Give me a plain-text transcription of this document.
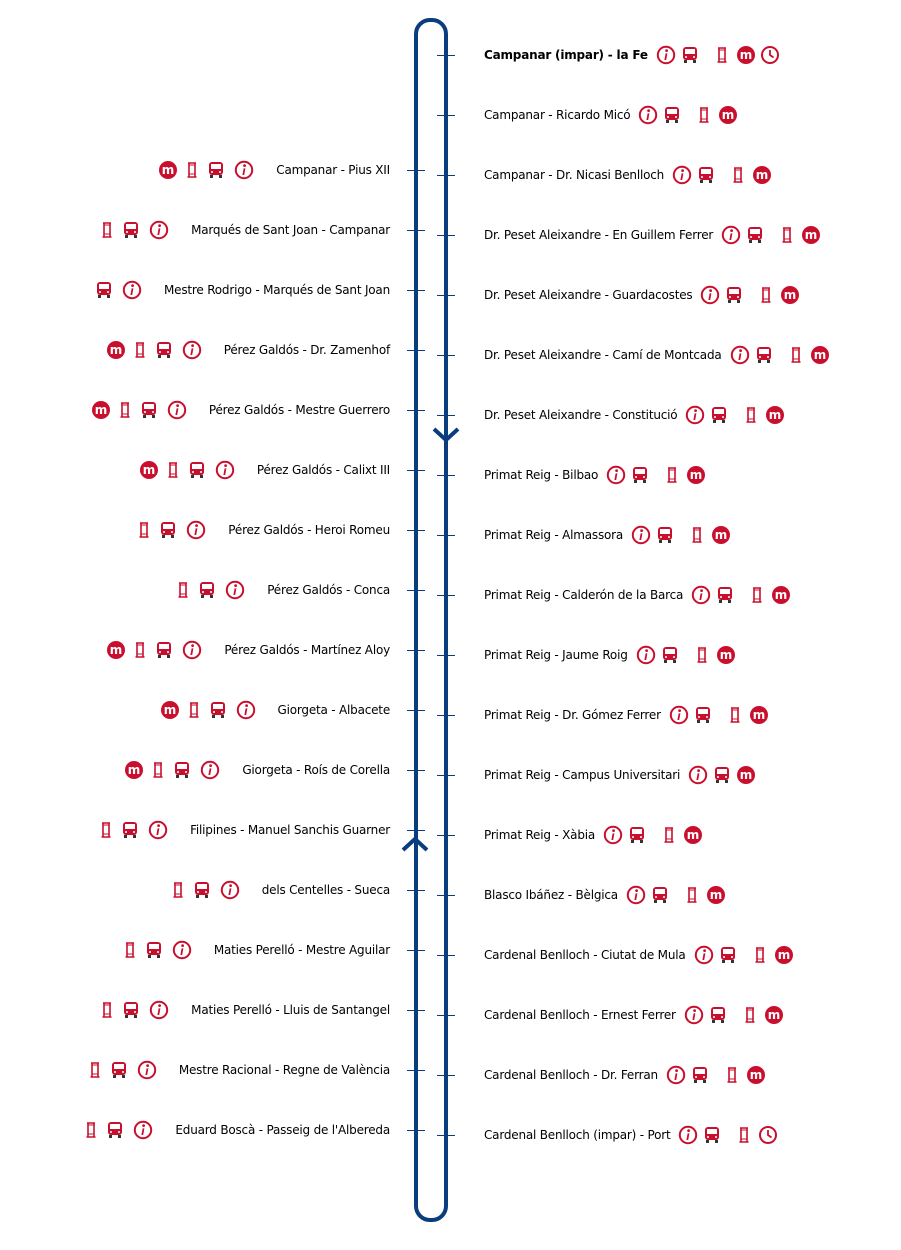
Campanar (impar) - la Fe	m
Campanar - Ricardo Micó	m
Campanar - Dr. Nicasi Benlloch	m
Dr. Peset Aleixandre - En Guillem Ferrer	m
Dr. Peset Aleixandre - Guardacostes	m
Dr. Peset Aleixandre - Camí de Montcada	m
Dr. Peset Aleixandre - Constitució	m
Primat Reig - Bilbao	m
Primat Reig - Almassora	m
Primat Reig - Calderón de la Barca	m
Primat Reig - Jaume Roig	m
Primat Reig - Dr. Gómez Ferrer	m
Primat Reig - Campus Universitari	m
Primat Reig - Xàbia	m
Blasco Ibáñez - Bèlgica	m
Cardenal Benlloch - Ciutat de Mula	m
Cardenal Benlloch - Ernest Ferrer	m
Cardenal Benlloch - Dr. Ferran	m
Cardenal Benlloch (impar) - Port
Campanar - Pius XII
m
Marqués de Sant Joan - Campanar
Mestre Rodrigo - Marqués de Sant Joan
Pérez Galdós - Dr. Zamenhof
m
Pérez Galdós - Mestre Guerrero
m
Pérez Galdós - Calixt III
m
Pérez Galdós - Heroi Romeu
Pérez Galdós - Conca
Pérez Galdós - Martínez Aloy
m
Giorgeta - Albacete
m
Giorgeta - Roís de Corella
m
Filipines - Manuel Sanchis Guarner
dels Centelles - Sueca
Maties Perelló - Mestre Aguilar
Maties Perelló - Lluis de Santangel
Mestre Racional - Regne de València
Eduard Boscà - Passeig de l'Albereda
